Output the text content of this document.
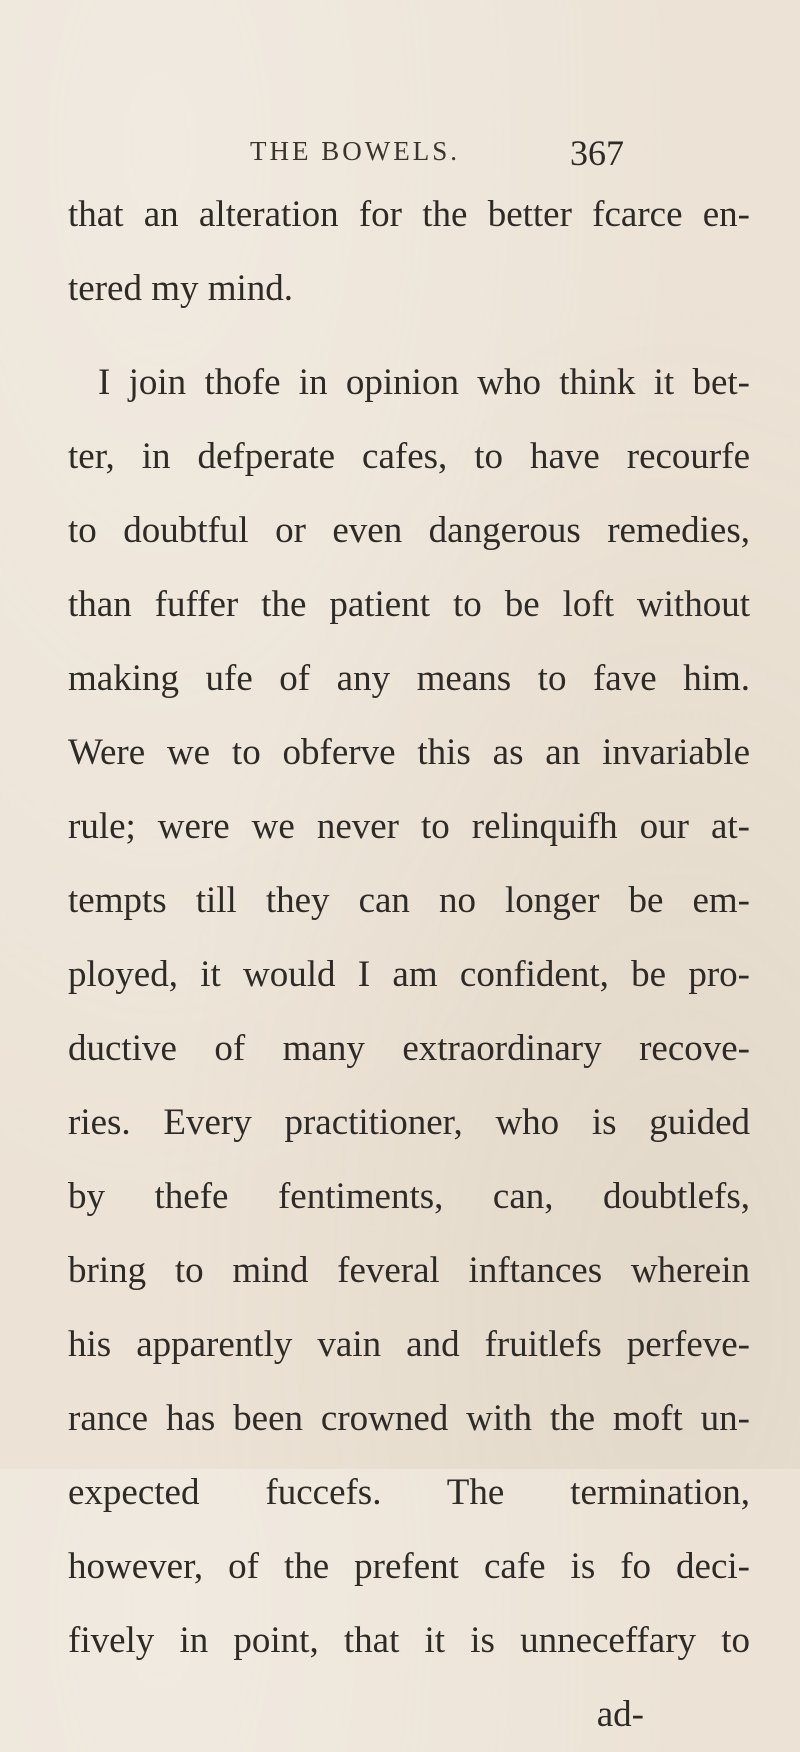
THE BOWELS.	367
that an alteration for the better fcarce en-
tered my mind.
I join thofe in opinion who think it bet-
ter, in defperate cafes, to have recourfe
to doubtful or even dangerous remedies,
than fuffer the patient to be loft without
making ufe of any means to fave him.
Were we to obferve this as an invariable
rule; were we never to relinquifh our at-
tempts till they can no longer be em-
ployed, it would I am confident, be pro-
ductive of many extraordinary recove-
ries. Every practitioner, who is guided
by thefe fentiments, can, doubtlefs,
bring to mind feveral inftances wherein
his apparently vain and fruitlefs perfeve-
rance has been crowned with the moft un-
expected fuccefs. The termination,
however, of the prefent cafe is fo deci-
fively in point, that it is unneceffary to
ad-
